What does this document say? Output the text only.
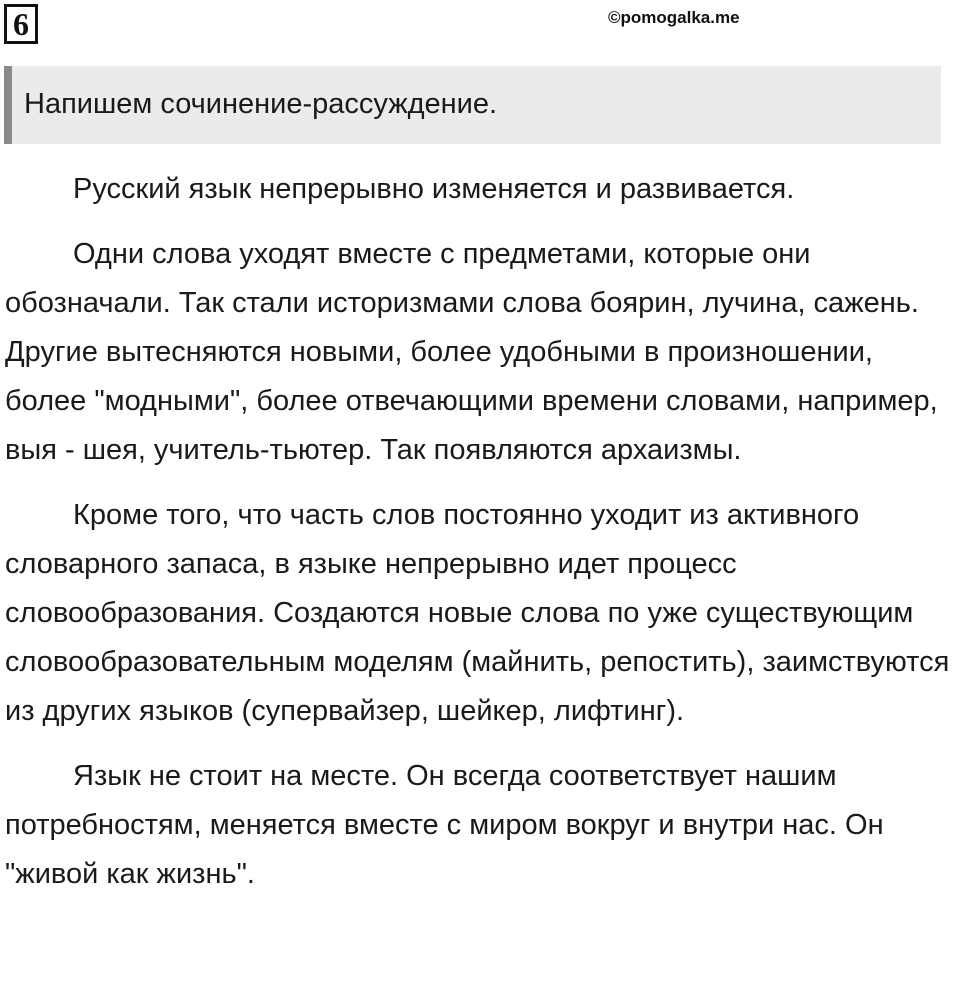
6	©pomogalka.me
Напишем сочинение-рассуждение.

Русский язык непрерывно изменяется и развивается.

Одни слова уходят вместе с предметами, которые они обозначали. Так стали историзмами слова боярин, лучина, сажень. Другие вытесняются новыми, более удобными в произношении, более "модными", более отвечающими времени словами, например, выя - шея, учитель-тьютер. Так появляются архаизмы.

Кроме того, что часть слов постоянно уходит из активного словарного запаса, в языке непрерывно идет процесс словообразования. Создаются новые слова по уже существующим словообразовательным моделям (майнить, репостить), заимствуются из других языков (супервайзер, шейкер, лифтинг).

Язык не стоит на месте. Он всегда соответствует нашим потребностям, меняется вместе с миром вокруг и внутри нас. Он "живой как жизнь".
